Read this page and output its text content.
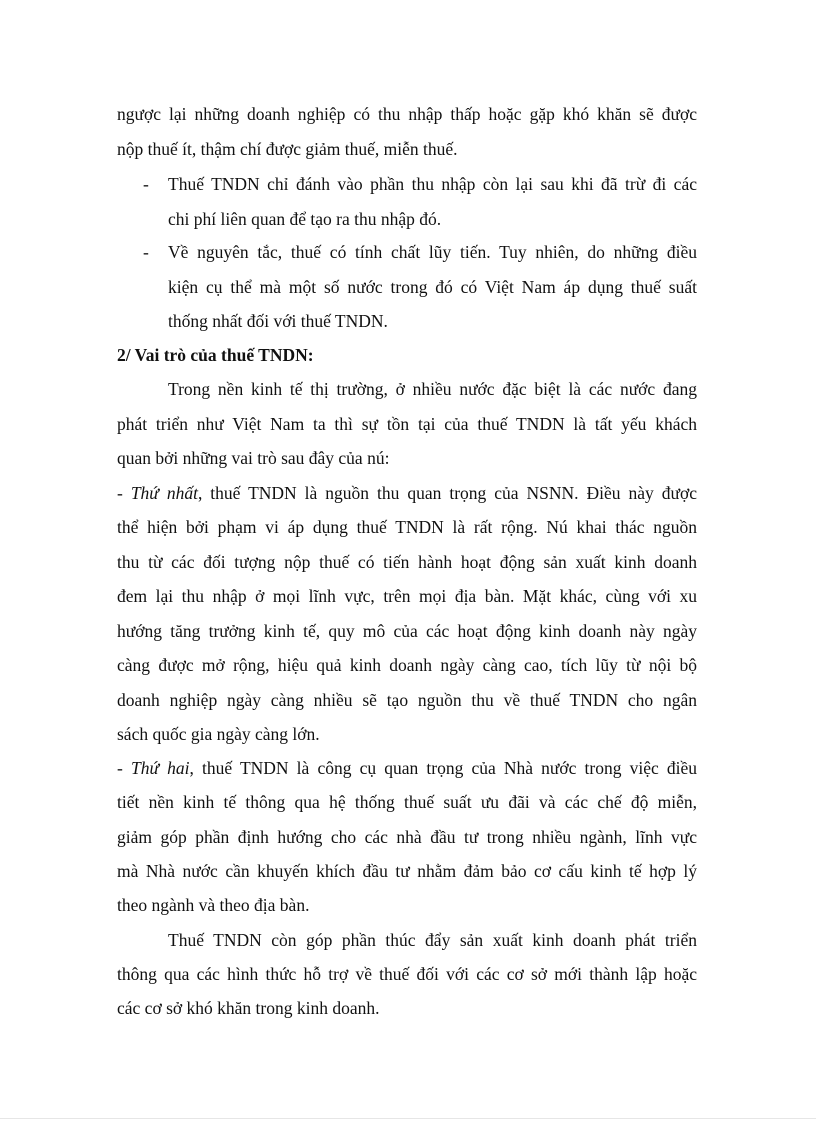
ngược lại những doanh nghiệp có thu nhập thấp hoặc gặp khó khăn sẽ được
nộp thuế ít, thậm chí được giảm thuế, miễn thuế.
- Thuế TNDN chỉ đánh vào phần thu nhập còn lại sau khi đã trừ đi các
chi phí liên quan để tạo ra thu nhập đó.
- Về nguyên tắc, thuế có tính chất lũy tiến. Tuy nhiên, do những điều
kiện cụ thể mà một số nước trong đó có Việt Nam áp dụng thuế suất
thống nhất đối với thuế TNDN.
2/ Vai trò của thuế TNDN:
Trong nền kinh tế thị trường, ở nhiều nước đặc biệt là các nước đang
phát triển như Việt Nam ta thì sự tồn tại của thuế TNDN là tất yếu khách
quan bởi những vai trò sau đây của nú:
- Thứ nhất, thuế TNDN là nguồn thu quan trọng của NSNN. Điều này được
thể hiện bởi phạm vi áp dụng thuế TNDN là rất rộng. Nú khai thác nguồn
thu từ các đối tượng nộp thuế có tiến hành hoạt động sản xuất kinh doanh
đem lại thu nhập ở mọi lĩnh vực, trên mọi địa bàn. Mặt khác, cùng với xu
hướng tăng trưởng kinh tế, quy mô của các hoạt động kinh doanh này ngày
càng được mở rộng, hiệu quả kinh doanh ngày càng cao, tích lũy từ nội bộ
doanh nghiệp ngày càng nhiều sẽ tạo nguồn thu về thuế TNDN cho ngân
sách quốc gia ngày càng lớn.
- Thứ hai, thuế TNDN là công cụ quan trọng của Nhà nước trong việc điều
tiết nền kinh tế thông qua hệ thống thuế suất ưu đãi và các chế độ miễn,
giảm góp phần định hướng cho các nhà đầu tư trong nhiều ngành, lĩnh vực
mà Nhà nước cần khuyến khích đầu tư nhằm đảm bảo cơ cấu kinh tế hợp lý
theo ngành và theo địa bàn.
Thuế TNDN còn góp phần thúc đẩy sản xuất kinh doanh phát triển
thông qua các hình thức hỗ trợ về thuế đối với các cơ sở mới thành lập hoặc
các cơ sở khó khăn trong kinh doanh.
